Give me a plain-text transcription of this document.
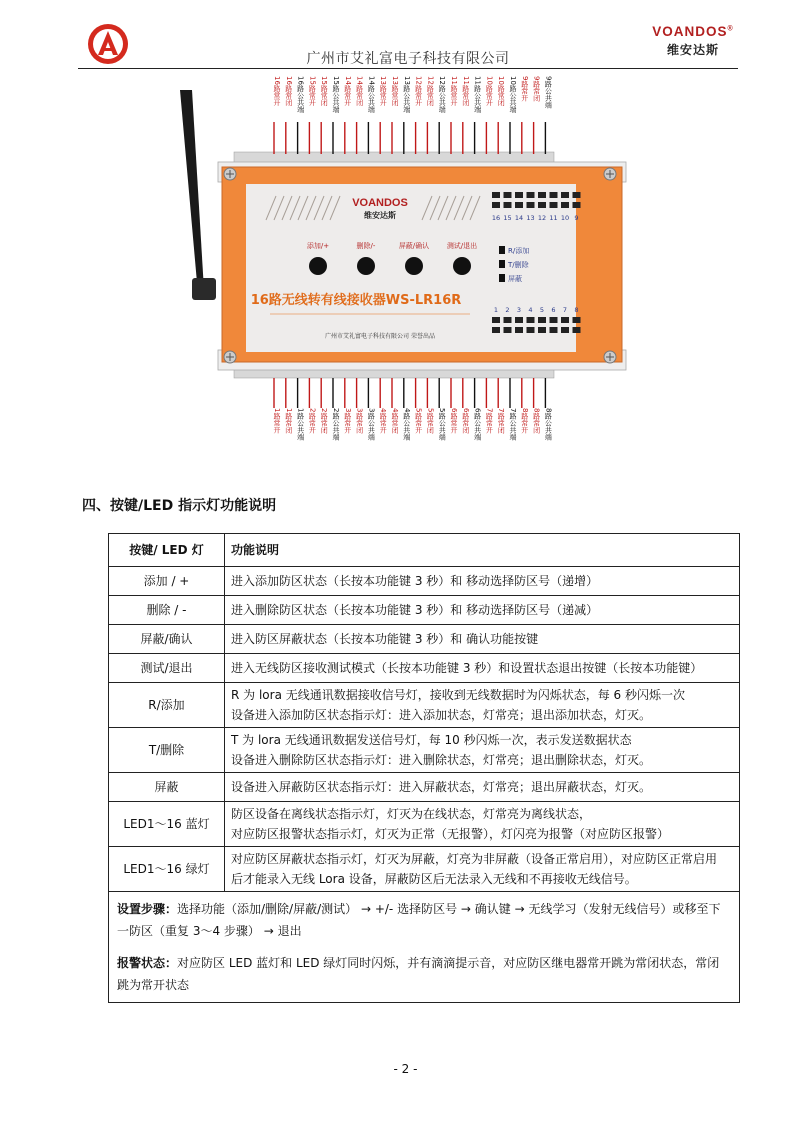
广州市艾礼富电子科技有限公司
VOANDOS®
维安达斯
VOANDOS
维安达斯
添加/+	删除/-	屏蔽/确认	测试/退出
16路无线转有线接收器WS-LR16R
广州市艾礼富电子科技有限公司 荣誉出品
16
1
15
2
14
3
13
4
12
5
11
6
10
7
9
8
R/添加
T/删除
屏蔽
16路常开 16路常闭 16路公共端 15路常开 15路常闭 15路公共端 14路常开 14路常闭 14路公共端 13路常开 13路常闭 13路公共端 12路常开 12路常闭 12路公共端 11路常开 11路常闭 11路公共端 10路常开 10路常闭 10路公共端 9路常开 9路常闭 9路公共端
1路常开 1路常闭 1路公共端 2路常开 2路常闭 2路公共端 3路常开 3路常闭 3路公共端 4路常开 4路常闭 4路公共端 5路常开 5路常闭 5路公共端 6路常开 6路常闭 6路公共端 7路常开 7路常闭 7路公共端 8路常开 8路常闭 8路公共端
四、按键/LED 指示灯功能说明
按键/ LED 灯	功能说明
添加 / +	进入添加防区状态（长按本功能键 3 秒）和 移动选择防区号（递增）

删除 / -	进入删除防区状态（长按本功能键 3 秒）和 移动选择防区号（递减）

屏蔽/确认	进入防区屏蔽状态（长按本功能键 3 秒）和 确认功能按键

测试/退出	进入无线防区接收测试模式（长按本功能键 3 秒）和设置状态退出按键（长按本功能键）

R/添加	R 为 lora 无线通讯数据接收信号灯，接收到无线数据时为闪烁状态，每 6 秒闪烁一次
设备进入添加防区状态指示灯：进入添加状态，灯常亮；退出添加状态，灯灭。

T/删除	T 为 lora 无线通讯数据发送信号灯，每 10 秒闪烁一次，表示发送数据状态
设备进入删除防区状态指示灯：进入删除状态，灯常亮；退出删除状态，灯灭。

屏蔽	设备进入屏蔽防区状态指示灯：进入屏蔽状态，灯常亮；退出屏蔽状态，灯灭。

LED1～16 蓝灯	防区设备在离线状态指示灯，灯灭为在线状态，灯常亮为离线状态，
对应防区报警状态指示灯，灯灭为正常（无报警），灯闪亮为报警（对应防区报警）

LED1～16 绿灯	对应防区屏蔽状态指示灯，灯灭为屏蔽，灯亮为非屏蔽（设备正常启用），对应防区正常启用
后才能录入无线 Lora 设备，屏蔽防区后无法录入无线和不再接收无线信号。

设置步骤：选择功能（添加/删除/屏蔽/测试） → +/- 选择防区号 → 确认键 → 无线学习（发射无线信号）或移至下一防区（重复 3～4 步骤） → 退出
报警状态：对应防区 LED 蓝灯和 LED 绿灯同时闪烁，并有滴滴提示音，对应防区继电器常开跳为常闭状态，常闭跳为常开状态	
- 2 -
